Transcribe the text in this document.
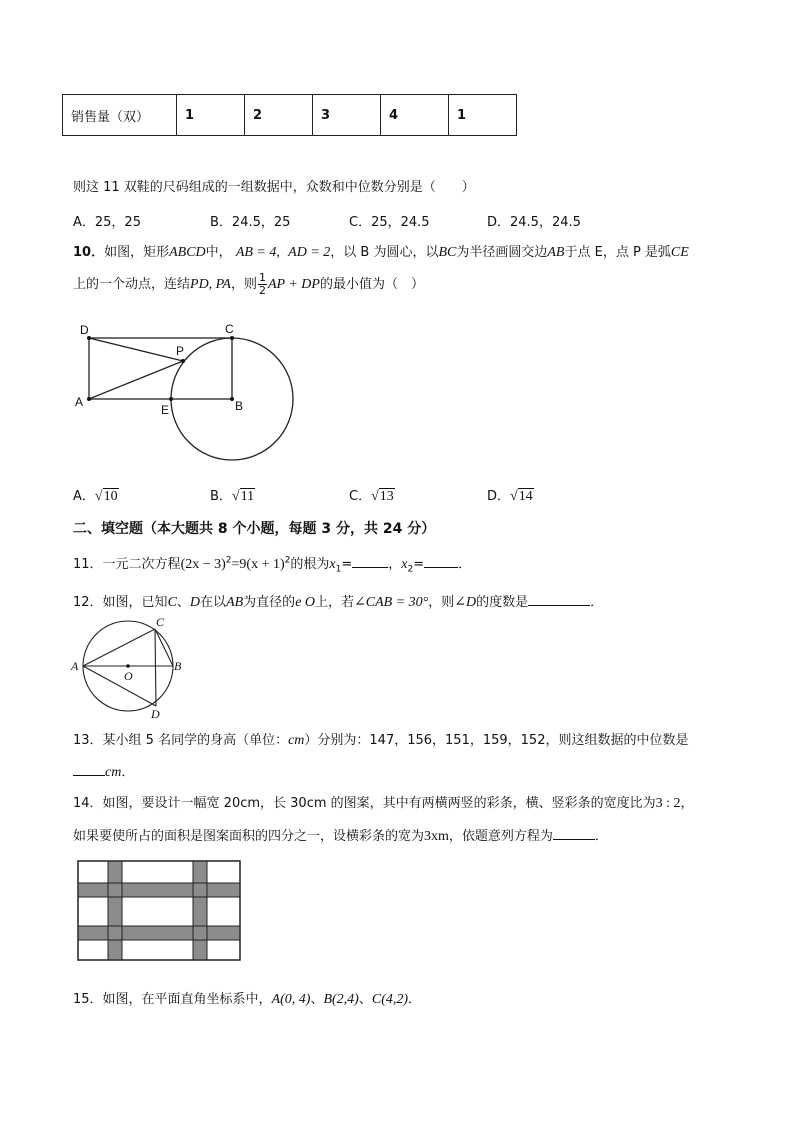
销售量（双）	1	2	3	4	1
则这 11 双鞋的尺码组成的一组数据中，众数和中位数分别是（　　）
A．25，25	B．24.5，25	C．25，24.5	D．24.5，24.5
10．如图，矩形ABCD中， AB = 4, AD = 2，以 B 为圆心，以BC为半径画圆交边AB于点 E，点 P 是弧CE
上的一个动点，连结PD, PA，则 $\frac{1}{2}$ AP + DP的最小值为（　）
D	C
P
A
E	B
A．√10	B．√11	C．√13	D．√14
二、填空题（本大题共 8 个小题，每题 3 分，共 24 分）
11．一元二次方程$(2x - 3)^2=9(x + 1)^2$的根为$x_1=$	，$x_2=$	．
12．如图，已知C、D在以AB为直径的e O上，若∠CAB = 30°，则∠D的度数是	．
C
A
O
B
D
13．某小组 5 名同学的身高（单位：cm）分别为：147，156，151，159，152，则这组数据的中位数是
cm．
14．如图，要设计一幅宽 20cm，长 30cm 的图案，其中有两横两竖的彩条，横、竖彩条的宽度比为3 : 2，
如果要使所占的面积是图案面积的四分之一，设横彩条的宽为3xm，依题意列方程为	．
15．如图，在平面直角坐标系中，A(0, 4)、B(2,4)、C(4,2)．
